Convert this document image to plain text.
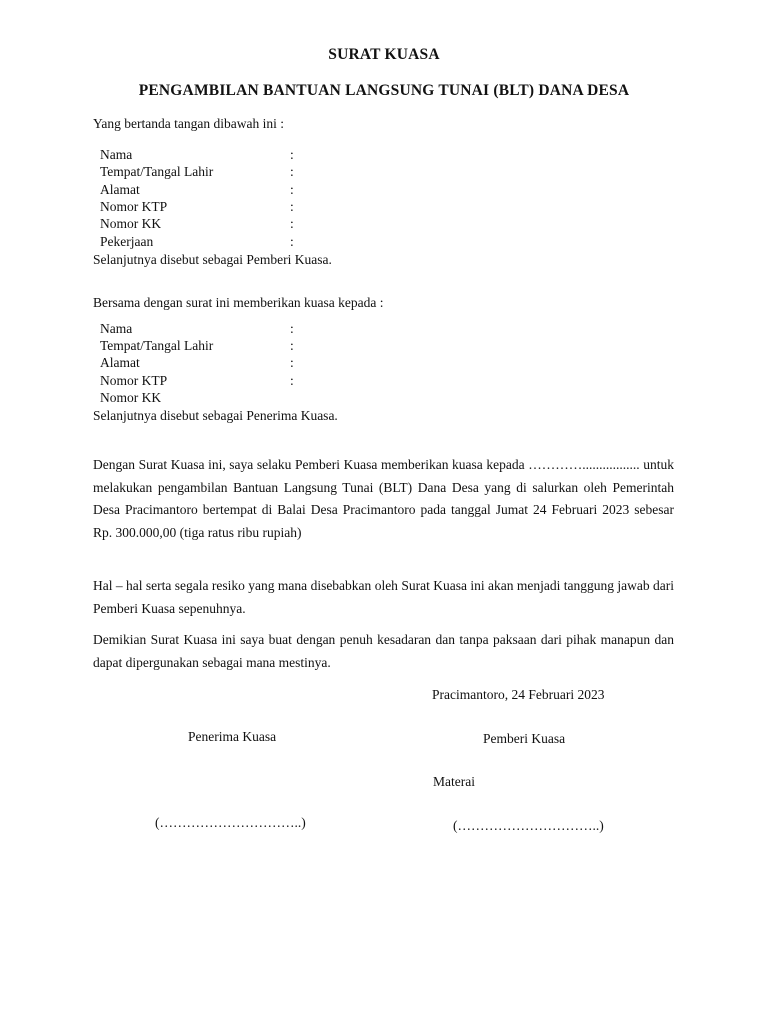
SURAT KUASA
PENGAMBILAN BANTUAN LANGSUNG TUNAI (BLT) DANA DESA
Yang bertanda tangan dibawah ini :
Nama	:
Tempat/Tangal Lahir	:
Alamat	:
Nomor KTP	:
Nomor KK	:
Pekerjaan	:
Selanjutnya disebut sebagai Pemberi Kuasa.
Bersama dengan surat ini memberikan kuasa kepada :
Nama	:
Tempat/Tangal Lahir	:
Alamat	:
Nomor KTP	:
Nomor KK
Selanjutnya disebut sebagai Penerima Kuasa.
Dengan Surat Kuasa ini, saya selaku Pemberi Kuasa memberikan kuasa kepada …………................. untuk melakukan pengambilan Bantuan Langsung Tunai (BLT) Dana Desa yang di salurkan oleh Pemerintah Desa Pracimantoro bertempat di Balai Desa Pracimantoro pada tanggal Jumat 24 Februari 2023 sebesar Rp. 300.000,00 (tiga ratus ribu rupiah)
Hal – hal serta segala resiko yang mana disebabkan oleh Surat Kuasa ini akan menjadi tanggung jawab dari Pemberi Kuasa sepenuhnya.
Demikian Surat Kuasa ini saya buat dengan penuh kesadaran dan tanpa paksaan dari pihak manapun dan dapat dipergunakan sebagai mana mestinya.
Pracimantoro, 24 Februari 2023
Penerima Kuasa	Pemberi Kuasa
Materai
(…………………………..)	(…………………………..)
